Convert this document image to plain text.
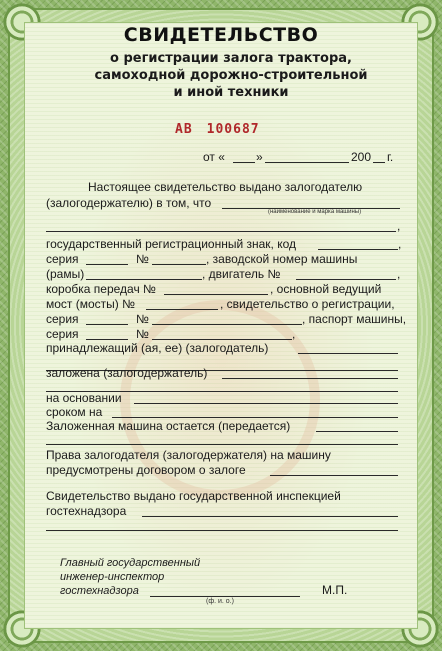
СВИДЕТЕЛЬСТВО
о регистрации залога трактора,
самоходной дорожно-строительной
и иной техники
АВ 100687
от «	»	200 г.
Настоящее свидетельство выдано залогодателю
(залогодержателю) в том, что
(наименование и марка машины)
,
государственный регистрационный знак, код	,
серия	№	, заводской номер машины
(рамы)	, двигатель №	,
коробка передач №	, основной ведущий
мост (мосты) №	, свидетельство о регистрации,
серия	№	, паспорт машины,
серия	№	,
принадлежащий (ая, ее) (залогодатель)
заложена (залогодержатель)
на основании
сроком на
Заложенная машина остается (передается)
Права залогодателя (залогодержателя) на машину
предусмотрены договором о залоге
Свидетельство выдано государственной инспекцией
гостехнадзора
Главный государственный
инженер-инспектор
гостехнадзора
(ф. и. о.)
М.П.
